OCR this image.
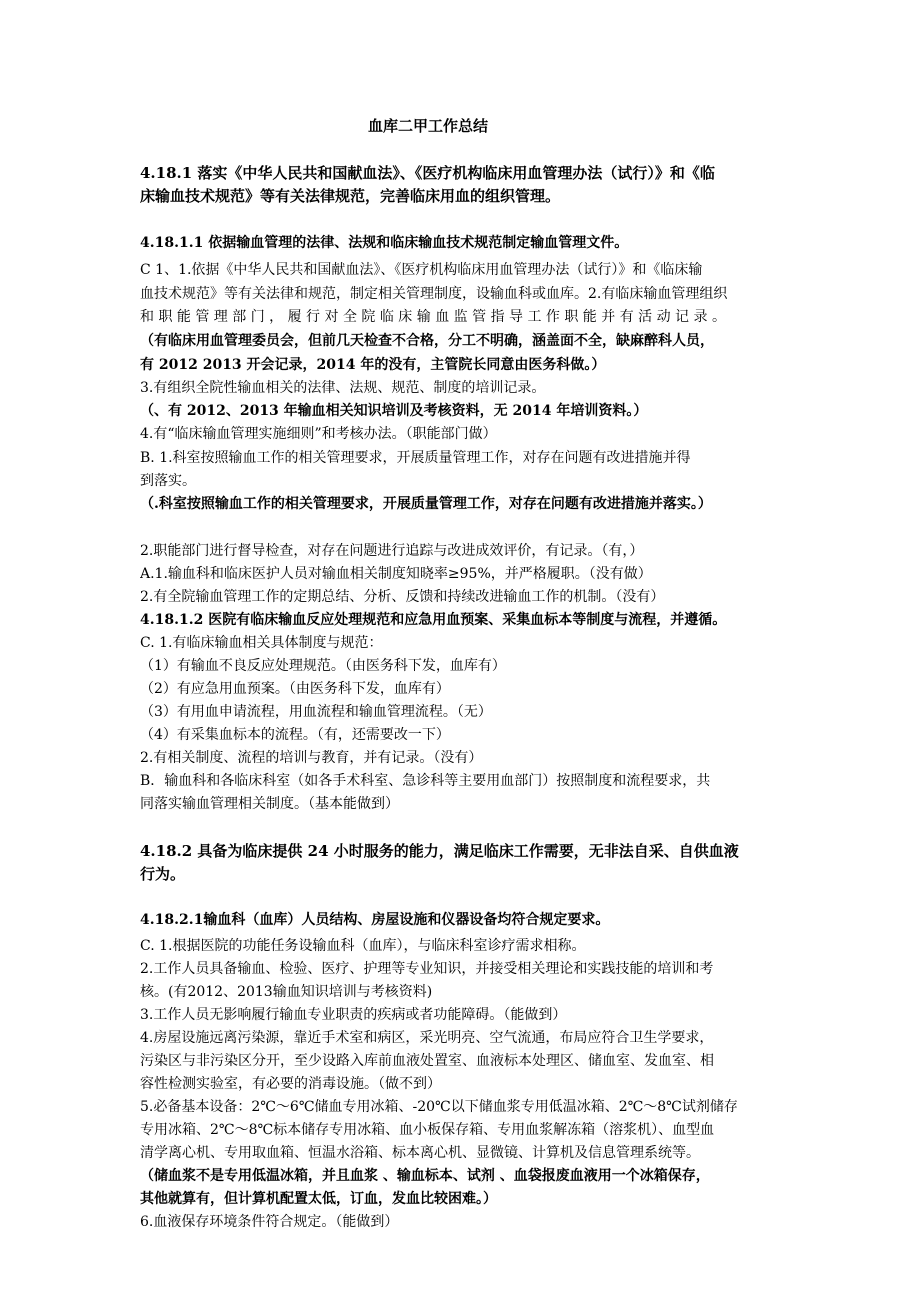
血库二甲工作总结
4.18.1 落实《中华人民共和国献血法》、《医疗机构临床用血管理办法（试行）》和《临
床输血技术规范》等有关法律规范，完善临床用血的组织管理。
4.18.1.1 依据输血管理的法律、法规和临床输血技术规范制定输血管理文件。
C 1、1.依据《中华人民共和国献血法》、《医疗机构临床用血管理办法（试行）》和《临床输
血技术规范》等有关法律和规范，制定相关管理制度，设输血科或血库。2.有临床输血管理组织
和 职 能 管 理 部 门 ， 履 行 对 全 院 临 床 输 血 监 管 指 导 工 作 职 能 并 有 活 动 记 录 。
（有临床用血管理委员会，但前几天检查不合格，分工不明确，涵盖面不全，缺麻醉科人员，
有 2012 2013 开会记录，2014 年的没有，主管院长同意由医务科做。）
3.有组织全院性输血相关的法律、法规、规范、制度的培训记录。
（、有 2012、2013 年输血相关知识培训及考核资料，无 2014 年培训资料。）
4.有“临床输血管理实施细则”和考核办法。（职能部门做）
B. 1.科室按照输血工作的相关管理要求，开展质量管理工作，对存在问题有改进措施并得
到落实。
（.科室按照输血工作的相关管理要求，开展质量管理工作，对存在问题有改进措施并落实。）
2.职能部门进行督导检查，对存在问题进行追踪与改进成效评价，有记录。（有，）
A.1.输血科和临床医护人员对输血相关制度知晓率≥95%，并严格履职。（没有做）
2.有全院输血管理工作的定期总结、分析、反馈和持续改进输血工作的机制。（没有）
4.18.1.2 医院有临床输血反应处理规范和应急用血预案、采集血标本等制度与流程，并遵循。
C. 1.有临床输血相关具体制度与规范：
（1）有输血不良反应处理规范。（由医务科下发，血库有）
（2）有应急用血预案。（由医务科下发，血库有）
（3）有用血申请流程，用血流程和输血管理流程。（无）
（4）有采集血标本的流程。（有，还需要改一下）
2.有相关制度、流程的培训与教育，并有记录。（没有）
B．输血科和各临床科室（如各手术科室、急诊科等主要用血部门）按照制度和流程要求，共
同落实输血管理相关制度。（基本能做到）
4.18.2 具备为临床提供 24 小时服务的能力，满足临床工作需要，无非法自采、自供血液
行为。
4.18.2.1输血科（血库）人员结构、房屋设施和仪器设备均符合规定要求。
C. 1.根据医院的功能任务设输血科（血库），与临床科室诊疗需求相称。
2.工作人员具备输血、检验、医疗、护理等专业知识，并接受相关理论和实践技能的培训和考
核。(有2012、2013输血知识培训与考核资料)
3.工作人员无影响履行输血专业职责的疾病或者功能障碍。（能做到）
4.房屋设施远离污染源，靠近手术室和病区，采光明亮、空气流通，布局应符合卫生学要求，
污染区与非污染区分开，至少设路入库前血液处置室、血液标本处理区、储血室、发血室、相
容性检测实验室，有必要的消毒设施。（做不到）
5.必备基本设备：2℃～6℃储血专用冰箱、-20℃以下储血浆专用低温冰箱、2℃～8℃试剂储存
专用冰箱、2℃～8℃标本储存专用冰箱、血小板保存箱、专用血浆解冻箱（溶浆机）、血型血
清学离心机、专用取血箱、恒温水浴箱、标本离心机、显微镜、计算机及信息管理系统等。
（储血浆不是专用低温冰箱，并且血浆 、输血标本、试剂 、血袋报废血液用一个冰箱保存，
其他就算有，但计算机配置太低，订血，发血比较困难。）
6.血液保存环境条件符合规定。（能做到）
